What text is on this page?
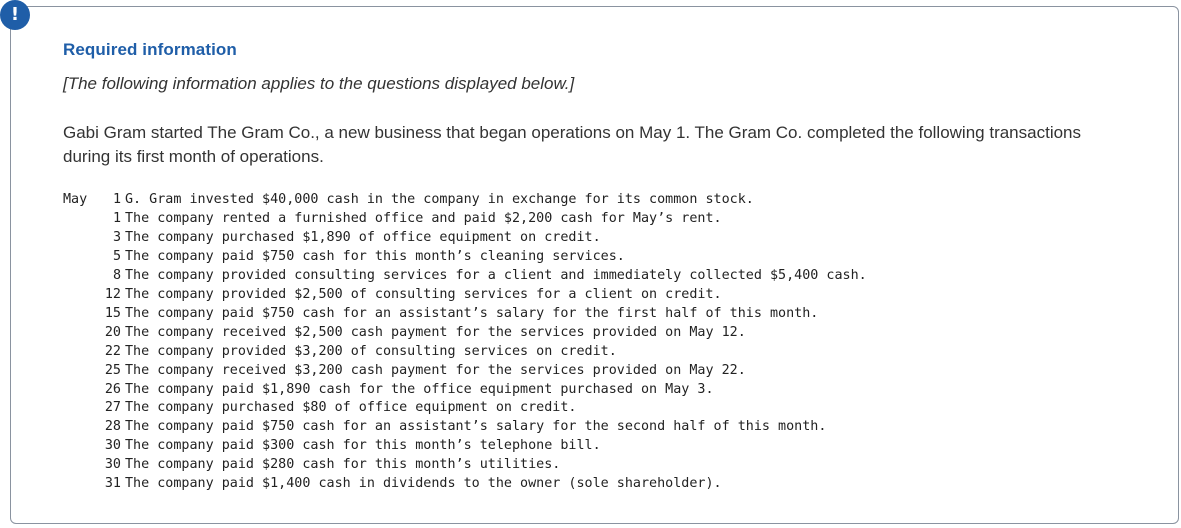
!
Required information

[The following information applies to the questions displayed below.]

Gabi Gram started The Gram Co., a new business that began operations on May 1. The Gram Co. completed the following transactions during its first month of operations.

May	1	G. Gram invested $40,000 cash in the company in exchange for its common stock.
	1	The company rented a furnished office and paid $2,200 cash for May’s rent.
	3	The company purchased $1,890 of office equipment on credit.
	5	The company paid $750 cash for this month’s cleaning services.
	8	The company provided consulting services for a client and immediately collected $5,400 cash.
	12	The company provided $2,500 of consulting services for a client on credit.
	15	The company paid $750 cash for an assistant’s salary for the first half of this month.
	20	The company received $2,500 cash payment for the services provided on May 12.
	22	The company provided $3,200 of consulting services on credit.
	25	The company received $3,200 cash payment for the services provided on May 22.
	26	The company paid $1,890 cash for the office equipment purchased on May 3.
	27	The company purchased $80 of office equipment on credit.
	28	The company paid $750 cash for an assistant’s salary for the second half of this month.
	30	The company paid $300 cash for this month’s telephone bill.
	30	The company paid $280 cash for this month’s utilities.
	31	The company paid $1,400 cash in dividends to the owner (sole shareholder).
